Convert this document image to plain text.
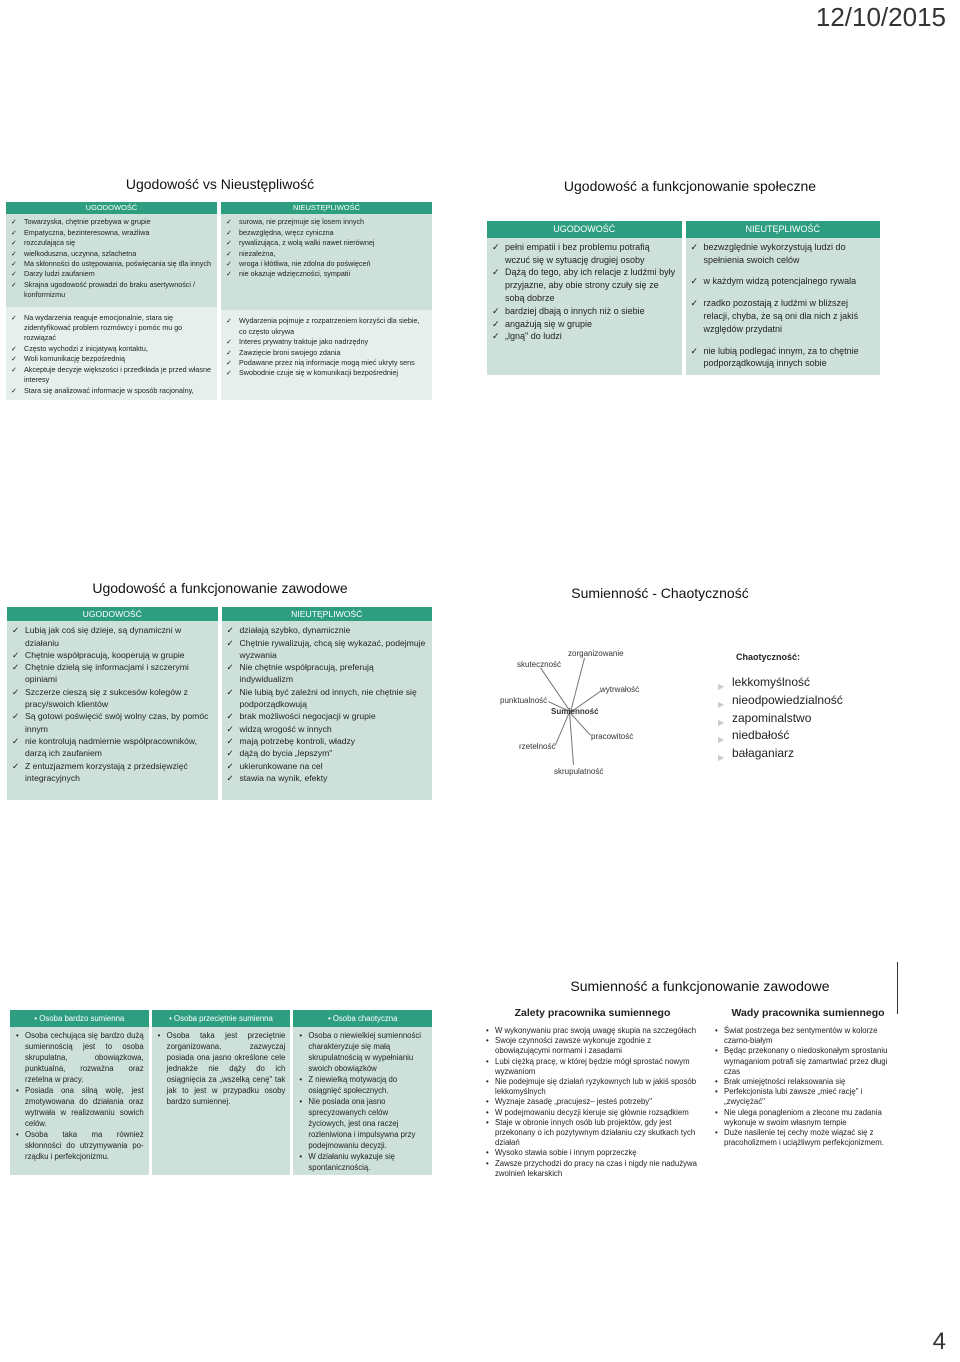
12/10/2015
Ugodowość vs Nieustępliwość
UGODOWOŚĆ
✓ Towarzyska, chętnie przebywa w grupie
✓ Empatyczna, bezinteresowna, wrażliwa
✓ rozczulająca się
✓ wielkoduszna, uczynna, szlachetna
✓ Ma skłonności do ustępowania, poświęcania się dla innych
✓ Darzy ludzi zaufaniem
✓ Skrajna ugodowość prowadzi do braku asertywności / konformizmu
✓ Na wydarzenia reaguje emocjonalnie, stara się zidentyfikować problem rozmówcy i pomóc mu go rozwiązać
✓ Często wychodzi z inicjatywą kontaktu,
✓ Woli komunikację bezpośrednią
✓ Akceptuje decyzje większości i przedkłada je przed własne interesy
✓ Stara się analizować informacje w sposób racjonalny,
NIEUSTĘPLIWOŚĆ
✓ surowa, nie przejmuje się losem innych
✓ bezwzględna, wręcz cyniczna
✓ rywalizująca, z wolą walki nawet nierównej
✓ niezależna,
✓ wroga i kłótliwa, nie zdolna do poświęceń
✓ nie okazuje wdzięczności, sympatii
✓ Wydarzenia pojmuje z rozpatrzeniem korzyści dla siebie, co często ukrywa
✓ Interes prywatny traktuje jako nadrzędny
✓ Zawzięcie broni swojego zdania
✓ Podawane przez nią informacje mogą mieć ukryty sens
✓ Swobodnie czuje się w komunikacji bezpośredniej
Ugodowość a funkcjonowanie społeczne
UGODOWOŚĆ
✓ pełni empatii i bez problemu potrafią wczuć się w sytuację drugiej osoby
✓ Dążą do tego, aby ich relacje z ludźmi były przyjazne, aby obie strony czuły się ze sobą dobrze
✓ bardziej dbają o innych niż o siebie
✓ angażują się w grupie
✓ „lgną" do ludzi
NIEUTĘPLIWOŚĆ
✓ bezwzględnie wykorzystują ludzi do spełnienia swoich celów
✓ w każdym widzą potencjalnego rywala
✓ rzadko pozostają z ludźmi w bliższej relacji, chyba, że są oni dla nich z jakiś względów przydatni
✓ nie lubią podlegać innym, za to chętnie podporządkowują innych sobie
Ugodowość a funkcjonowanie zawodowe
UGODOWOŚĆ
✓ Lubią jak coś się dzieje, są dynamiczni w działaniu
✓ Chętnie współpracują, kooperują w grupie
✓ Chętnie dzielą się informacjami i szczerymi opiniami
✓ Szczerze cieszą się z sukcesów kolegów z pracy/swoich klientów
✓ Są gotowi poświęcić swój wolny czas, by pomóc innym
✓ nie kontrolują nadmiernie współpracowników, darzą ich zaufaniem
✓ Z entuzjazmem korzystają z przedsięwzięć integracyjnych
NIEUTĘPLIWOŚĆ
✓ działają szybko, dynamicznie
✓ Chętnie rywalizują, chcą się wykazać, podejmuje wyzwania
✓ Nie chętnie współpracują, preferują indywidualizm
✓ Nie lubią być zależni od innych, nie chętnie się podporządkowują
✓ brak możliwości negocjacji w grupie
✓ widzą wrogość w innych
✓ mają potrzebę kontroli, władzy
✓ dążą do bycia „lepszym"
✓ ukierunkowane na cel
✓ stawia na wynik, efekty
Sumienność - Chaotyczność
zorganizowanie
skuteczność
wytrwałość
punktualność
pracowitość
rzetelność
skrupulatność
Sumienność
Chaotyczność:
▶ lekkomyślność
▶ nieodpowiedzialność
▶ zapominalstwo
▶ niedbałość
▶ bałaganiarz
• Osoba bardzo sumienna
• Osoba cechująca się bardzo dużą sumiennością jest to osoba skrupulatna, obowiązkowa, punktualna, rozważna oraz rzetelna w pracy.
• Posiada ona silną wolę, jest zmotywowana do działania oraz wytrwała w realizowaniu sowich celów.
• Osoba taka ma również skłonności do utrzymywania po-rządku i perfekcjonizmu.
• Osoba przeciętnie sumienna
• Osoba taka jest przeciętnie zorganizowana, zazwyczaj posiada ona jasno określone cele jednakże nie dąży do ich osiągnięcia za „wszelką cenę" tak jak to jest w przypadku osoby bardzo sumiennej.
• Osoba chaotyczna
• Osoba o niewielkiej sumienności charakteryzuje się małą skrupulatnością w wypełnianiu swoich obowiązków
• Z niewielką motywacją do osiągnięć społecznych.
• Nie posiada ona jasno sprecyzowanych celów życiowych, jest ona raczej rozleniwiona i impulsywna przy podejmowaniu decyzji.
• W działaniu wykazuje się spontanicznością.
Sumienność a funkcjonowanie zawodowe
Zalety pracownika sumiennego
• W wykonywaniu prac swoją uwagę skupia na szczegółach
• Swoje czynności zawsze wykonuje zgodnie z obowiązującymi normami i zasadami
• Lubi ciężką pracę, w której będzie mógł sprostać nowym wyzwaniom
• Nie podejmuje się działań ryzykownych lub w jakiś sposób lekkomyślnych
• Wyznaje zasadę „pracujesz– jesteś potrzeby"
• W podejmowaniu decyzji kieruje się głównie rozsądkiem
• Staje w obronie innych osób lub projektów, gdy jest przekonany o ich pozytywnym działaniu czy skutkach tych działań
• Wysoko stawia sobie i innym poprzeczkę
• Zawsze przychodzi do pracy na czas i nigdy nie nadużywa zwolnień lekarskich
Wady pracownika sumiennego
• Świat postrzega bez sentymentów w kolorze czarno-białym
• Będąc przekonany o niedoskonałym sprostaniu wymaganiom potrafi się zamartwiać przez długi czas
• Brak umiejętności relaksowania się
• Perfekcjonista lubi zawsze „mieć rację" i „zwyciężać"
• Nie ulega ponagleniom a zlecone mu zadania wykonuje w swoim własnym tempie
• Duże nasilenie tej cechy może wiązać się z pracoholizmem i uciążliwym perfekcjonizmem.
4
